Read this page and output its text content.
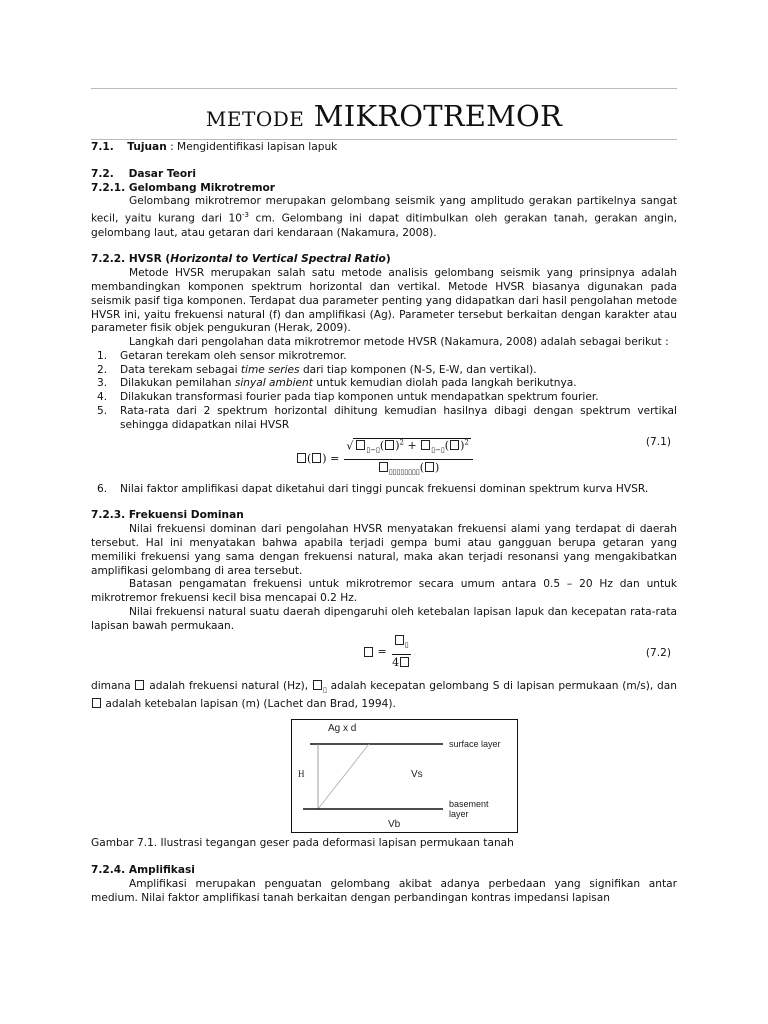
METODE MIKROTREMOR

7.1. Tujuan : Mengidentifikasi lapisan lapuk

7.2. Dasar Teori

7.2.1. Gelombang Mikrotremor

Gelombang mikrotremor merupakan gelombang seismik yang amplitudo gerakan partikelnya sangat kecil, yaitu kurang dari $10^{-3}$ cm. Gelombang ini dapat ditimbulkan oleh gerakan tanah, gerakan angin, gelombang laut, atau getaran dari kendaraan (Nakamura, 2008).

7.2.2. HVSR (Horizontal to Vertical Spectral Ratio)

Metode HVSR merupakan salah satu metode analisis gelombang seismik yang prinsipnya adalah membandingkan komponen spektrum horizontal dan vertikal. Metode HVSR biasanya digunakan pada seismik pasif tiga komponen. Terdapat dua parameter penting yang didapatkan dari hasil pengolahan metode HVSR ini, yaitu frekuensi natural (f) dan amplifikasi (Ag). Parameter tersebut berkaitan dengan karakter atau parameter fisik objek pengukuran (Herak, 2009).

Langkah dari pengolahan data mikrotremor metode HVSR (Nakamura, 2008) adalah sebagai berikut :

1.	Getaran terekam oleh sensor mikrotremor.
2.	Data terekam sebagai time series dari tiap komponen (N-S, E-W, dan vertikal).
3.	Dilakukan pemilahan sinyal ambient untuk kemudian diolah pada langkah berikutnya.
4.	Dilakukan transformasi fourier pada tiap komponen untuk mendapatkan spektrum fourier.
5.	Rata-rata dari 2 spektrum horizontal dihitung kemudian hasilnya dibagi dengan spektrum vertikal sehingga didapatkan nilai HVSR
( ) = $\frac{√ _{▯-▯}( )^2 + _{▯-▯}( )^2}{_{▯▯▯▯▯▯▯▯}( )}$	(7.1)
6.	Nilai faktor amplifikasi dapat diketahui dari tinggi puncak frekuensi dominan spektrum kurva HVSR.

7.2.3. Frekuensi Dominan

Nilai frekuensi dominan dari pengolahan HVSR menyatakan frekuensi alami yang terdapat di daerah tersebut. Hal ini menyatakan bahwa apabila terjadi gempa bumi atau gangguan berupa getaran yang memiliki frekuensi yang sama dengan frekuensi natural, maka akan terjadi resonansi yang mengakibatkan amplifikasi gelombang di area tersebut.

Batasan pengamatan frekuensi untuk mikrotremor secara umum antara 0.5 – 20 Hz dan untuk mikrotremor frekuensi kecil bisa mencapai 0.2 Hz.

Nilai frekuensi natural suatu daerah dipengaruhi oleh ketebalan lapisan lapuk dan kecepatan rata-rata lapisan bawah permukaan.

= $\frac{_▯}{4}$	(7.2)

dimana  adalah frekuensi natural (Hz), $_▯$ adalah kecepatan gelombang S di lapisan permukaan (m/s), dan  adalah ketebalan lapisan (m) (Lachet dan Brad, 1994).

Ag x d
surface layer
H	Vs
basement
layer
Vb

Gambar 7.1. Ilustrasi tegangan geser pada deformasi lapisan permukaan tanah

7.2.4. Amplifikasi

Amplifikasi merupakan penguatan gelombang akibat adanya perbedaan yang signifikan antar medium. Nilai faktor amplifikasi tanah berkaitan dengan perbandingan kontras impedansi lapisan
